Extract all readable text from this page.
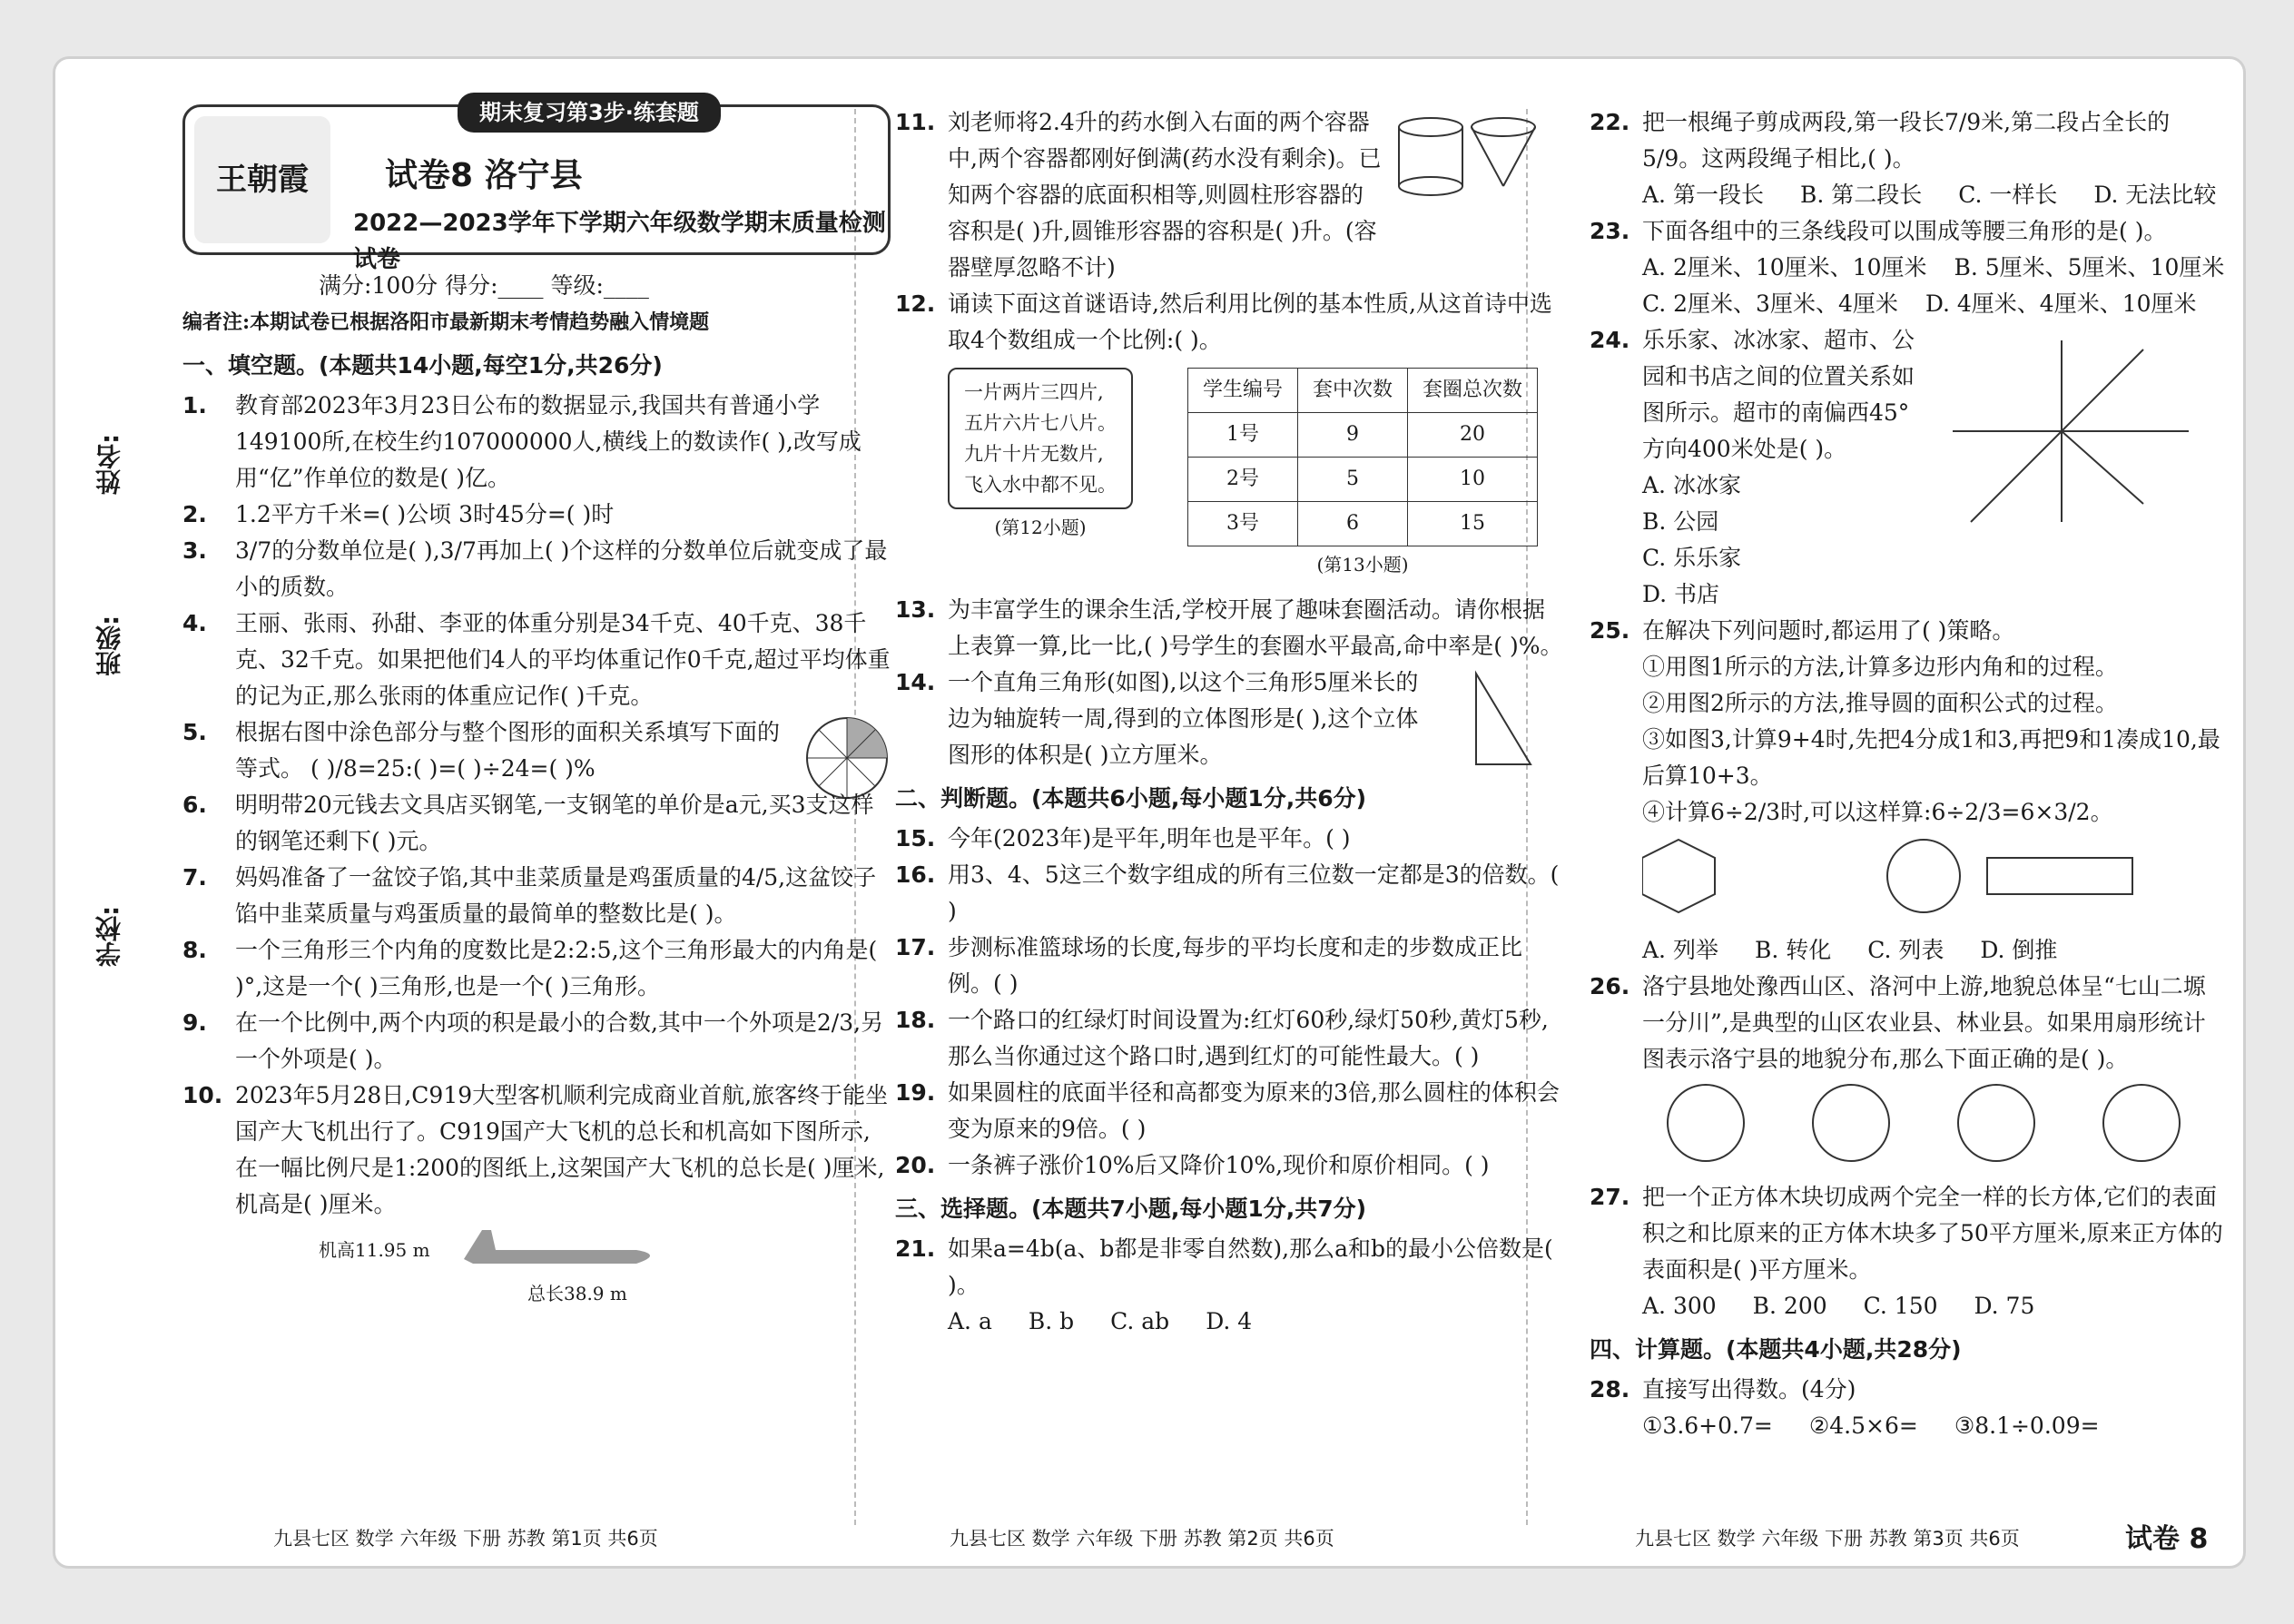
姓名:
班级:
学校:
王朝霞
期末复习第3步·练套题
试卷8 洛宁县
2022—2023学年下学期六年级数学期末质量检测试卷
满分:100分 得分:____ 等级:____
编者注:本期试卷已根据洛阳市最新期末考情趋势融入情境题
一、填空题。(本题共14小题,每空1分,共26分)
1. 教育部2023年3月23日公布的数据显示,我国共有普通小学149100所,在校生约107000000人,横线上的数读作( ),改写成用“亿”作单位的数是( )亿。
2. 1.2平方千米=( )公顷 3时45分=( )时
3. 3/7的分数单位是( ),3/7再加上( )个这样的分数单位后就变成了最小的质数。
4. 王丽、张雨、孙甜、李亚的体重分别是34千克、40千克、38千克、32千克。如果把他们4人的平均体重记作0千克,超过平均体重的记为正,那么张雨的体重应记作( )千克。
5. 根据右图中涂色部分与整个图形的面积关系填写下面的等式。 ( )/8=25:( )=( )÷24=( )%
6. 明明带20元钱去文具店买钢笔,一支钢笔的单价是a元,买3支这样的钢笔还剩下( )元。
7. 妈妈准备了一盆饺子馅,其中韭菜质量是鸡蛋质量的4/5,这盆饺子馅中韭菜质量与鸡蛋质量的最简单的整数比是( )。
8. 一个三角形三个内角的度数比是2:2:5,这个三角形最大的内角是( )°,这是一个( )三角形,也是一个( )三角形。
9. 在一个比例中,两个内项的积是最小的合数,其中一个外项是2/3,另一个外项是( )。
10. 2023年5月28日,C919大型客机顺利完成商业首航,旅客终于能坐国产大飞机出行了。C919国产大飞机的总长和机高如下图所示,在一幅比例尺是1:200的图纸上,这架国产大飞机的总长是( )厘米,机高是( )厘米。
机高11.95 m
总长38.9 m
11. 刘老师将2.4升的药水倒入右面的两个容器中,两个容器都刚好倒满(药水没有剩余)。已知两个容器的底面积相等,则圆柱形容器的容积是( )升,圆锥形容器的容积是( )升。(容器壁厚忽略不计)
12. 诵读下面这首谜语诗,然后利用比例的基本性质,从这首诗中选取4个数组成一个比例:( )。
一片两片三四片,
五片六片七八片。
九片十片无数片,
飞入水中都不见。
(第12小题)
学生编号	套中次数	套圈总次数
1号	9	20
2号	5	10
3号	6	15
(第13小题)
13. 为丰富学生的课余生活,学校开展了趣味套圈活动。请你根据上表算一算,比一比,( )号学生的套圈水平最高,命中率是( )%。
14. 一个直角三角形(如图),以这个三角形5厘米长的边为轴旋转一周,得到的立体图形是( ),这个立体图形的体积是( )立方厘米。
二、判断题。(本题共6小题,每小题1分,共6分)
15. 今年(2023年)是平年,明年也是平年。( )
16. 用3、4、5这三个数字组成的所有三位数一定都是3的倍数。( )
17. 步测标准篮球场的长度,每步的平均长度和走的步数成正比例。( )
18. 一个路口的红绿灯时间设置为:红灯60秒,绿灯50秒,黄灯5秒,那么当你通过这个路口时,遇到红灯的可能性最大。( )
19. 如果圆柱的底面半径和高都变为原来的3倍,那么圆柱的体积会变为原来的9倍。( )
20. 一条裤子涨价10%后又降价10%,现价和原价相同。( )
三、选择题。(本题共7小题,每小题1分,共7分)
21. 如果a=4b(a、b都是非零自然数),那么a和b的最小公倍数是( )。
A. a B. b C. ab D. 4
22. 把一根绳子剪成两段,第一段长7/9米,第二段占全长的5/9。这两段绳子相比,( )。
A. 第一段长 B. 第二段长 C. 一样长 D. 无法比较
23. 下面各组中的三条线段可以围成等腰三角形的是( )。
A. 2厘米、10厘米、10厘米 B. 5厘米、5厘米、10厘米
C. 2厘米、3厘米、4厘米 D. 4厘米、4厘米、10厘米
24. 乐乐家、冰冰家、超市、公园和书店之间的位置关系如图所示。超市的南偏西45°方向400米处是( )。
A. 冰冰家
B. 公园
C. 乐乐家
D. 书店
25. 在解决下列问题时,都运用了( )策略。
①用图1所示的方法,计算多边形内角和的过程。
②用图2所示的方法,推导圆的面积公式的过程。
③如图3,计算9+4时,先把4分成1和3,再把9和1凑成10,最后算10+3。
④计算6÷2/3时,可以这样算:6÷2/3=6×3/2。
A. 列举 B. 转化 C. 列表 D. 倒推
26. 洛宁县地处豫西山区、洛河中上游,地貌总体呈“七山二塬一分川”,是典型的山区农业县、林业县。如果用扇形统计图表示洛宁县的地貌分布,那么下面正确的是( )。
27. 把一个正方体木块切成两个完全一样的长方体,它们的表面积之和比原来的正方体木块多了50平方厘米,原来正方体的表面积是( )平方厘米。
A. 300 B. 200 C. 150 D. 75
四、计算题。(本题共4小题,共28分)
28. 直接写出得数。(4分)
①3.6+0.7= ②4.5×6= ③8.1÷0.09=
九县七区 数学 六年级 下册 苏教 第1页 共6页	九县七区 数学 六年级 下册 苏教 第2页 共6页	九县七区 数学 六年级 下册 苏教 第3页 共6页	试卷 8
